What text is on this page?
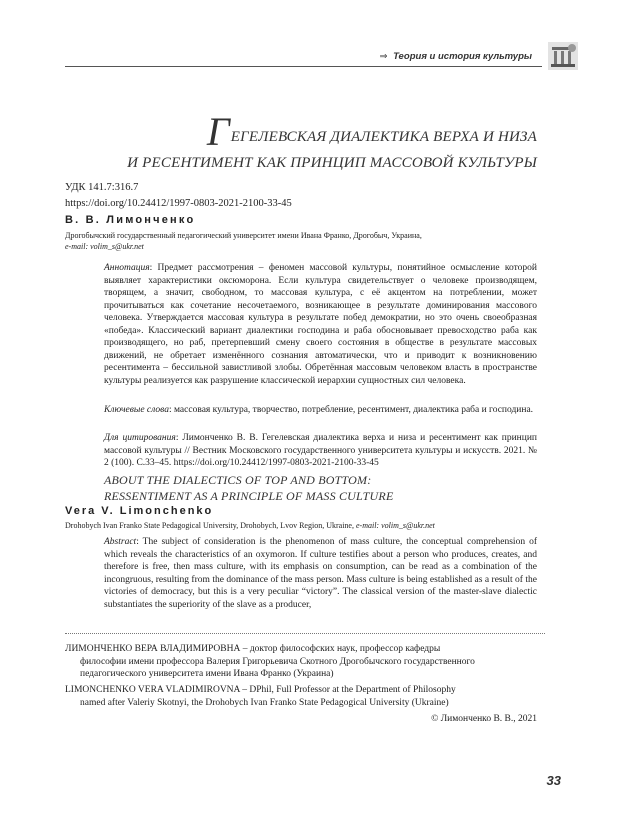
⇒ Теория и история культуры
ГЕГЕЛЕВСКАЯ ДИАЛЕКТИКА ВЕРХА И НИЗА
И РЕСЕНТИМЕНТ КАК ПРИНЦИП МАССОВОЙ КУЛЬТУРЫ
УДК 141.7:316.7
https://doi.org/10.24412/1997-0803-2021-2100-33-45
В. В. Лимонченко
Дрогобычский государственный педагогический университет имени Ивана Франко, Дрогобыч, Украина,
e-mail: volim_s@ukr.net
Аннотация: Предмет рассмотрения – феномен массовой культуры, понятийное осмысление которой выявляет характеристики оксюморона. Если культура свидетельствует о человеке производящем, творящем, а значит, свободном, то массовая культура, с её акцентом на потреблении, может прочитываться как сочетание несочетаемого, возникающее в результате доминирования массового человека. Утверждается массовая культура в результате побед демократии, но это очень своеобразная «победа». Классический вариант диалектики господина и раба обосновывает превосходство раба как производящего, но раб, претерпевший смену своего состояния в обществе в результате массовых движений, не обретает изменённого сознания автоматически, что и приводит к возникновению ресентимента – бессильной завистливой злобы. Обретённая массовым человеком власть в пространстве культуры реализуется как разрушение классической иерархии сущностных сил человека.
Ключевые слова: массовая культура, творчество, потребление, ресентимент, диалектика раба и господина.
Для цитирования: Лимонченко В. В. Гегелевская диалектика верха и низа и ресентимент как принцип массовой культуры // Вестник Московского государственного университета культуры и искусств. 2021. № 2 (100). С.33–45. https://doi.org/10.24412/1997-0803-2021-2100-33-45
ABOUT THE DIALECTICS OF TOP AND BOTTOM:
RESSENTIMENT AS A PRINCIPLE OF MASS CULTURE
Vera V. Limonchenko
Drohobych Ivan Franko State Pedagogical University, Drohobych, Lvov Region, Ukraine, e-mail: volim_s@ukr.net
Abstract: The subject of consideration is the phenomenon of mass culture, the conceptual comprehension of which reveals the characteristics of an oxymoron. If culture testifies about a person who produces, creates, and therefore is free, then mass culture, with its emphasis on consumption, can be read as a combination of the incongruous, resulting from the dominance of the mass person. Mass culture is being established as a result of the victories of democracy, but this is a very peculiar “victory”. The classical version of the master-slave dialectic substantiates the superiority of the slave as a producer,
ЛИМОНЧЕНКО ВЕРА ВЛАДИМИРОВНА – доктор философских наук, профессор кафедры
философии имени профессора Валерия Григорьевича Скотного Дрогобычского государственного педагогического университета имени Ивана Франко (Украина)
LIMONCHENKO VERA VLADIMIROVNA – DPhil, Full Professor at the Department of Philosophy
named after Valeriy Skotnyi, the Drohobych Ivan Franko State Pedagogical University (Ukraine)
© Лимонченко В. В., 2021
33
